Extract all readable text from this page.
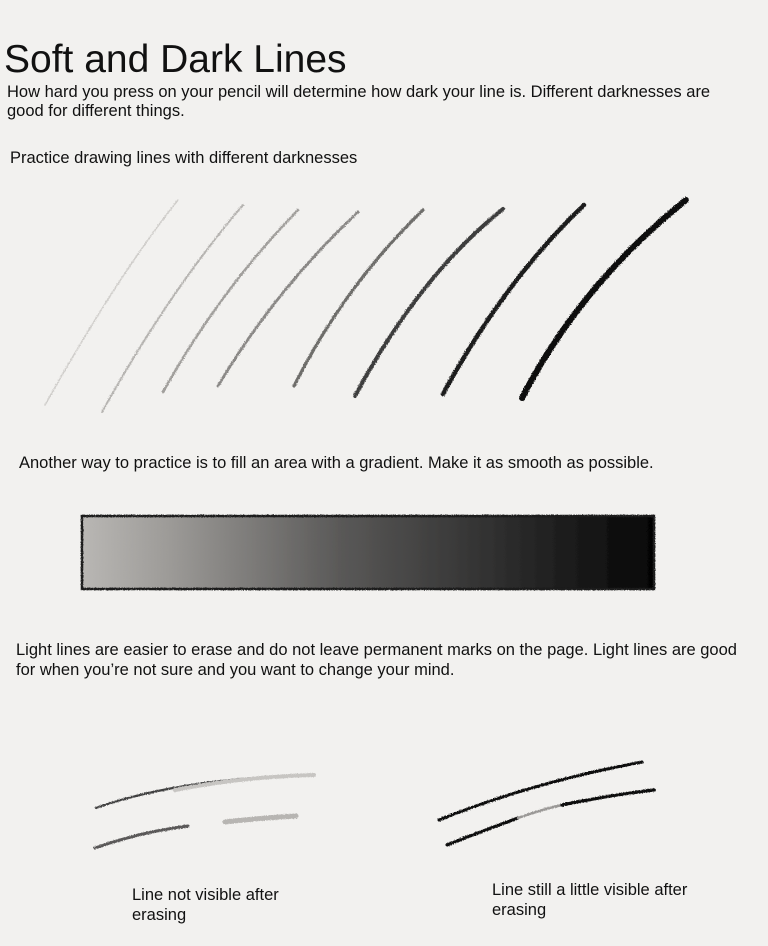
Soft and Dark Lines

How hard you press on your pencil will determine how dark your line is. Different darknesses are good for different things.

Practice drawing lines with different darknesses

Another way to practice is to fill an area with a gradient. Make it as smooth as possible.

Light lines are easier to erase and do not leave permanent marks on the page. Light lines are good for when you’re not sure and you want to change your mind.

Line not visible after erasing

Line still a little visible after erasing
